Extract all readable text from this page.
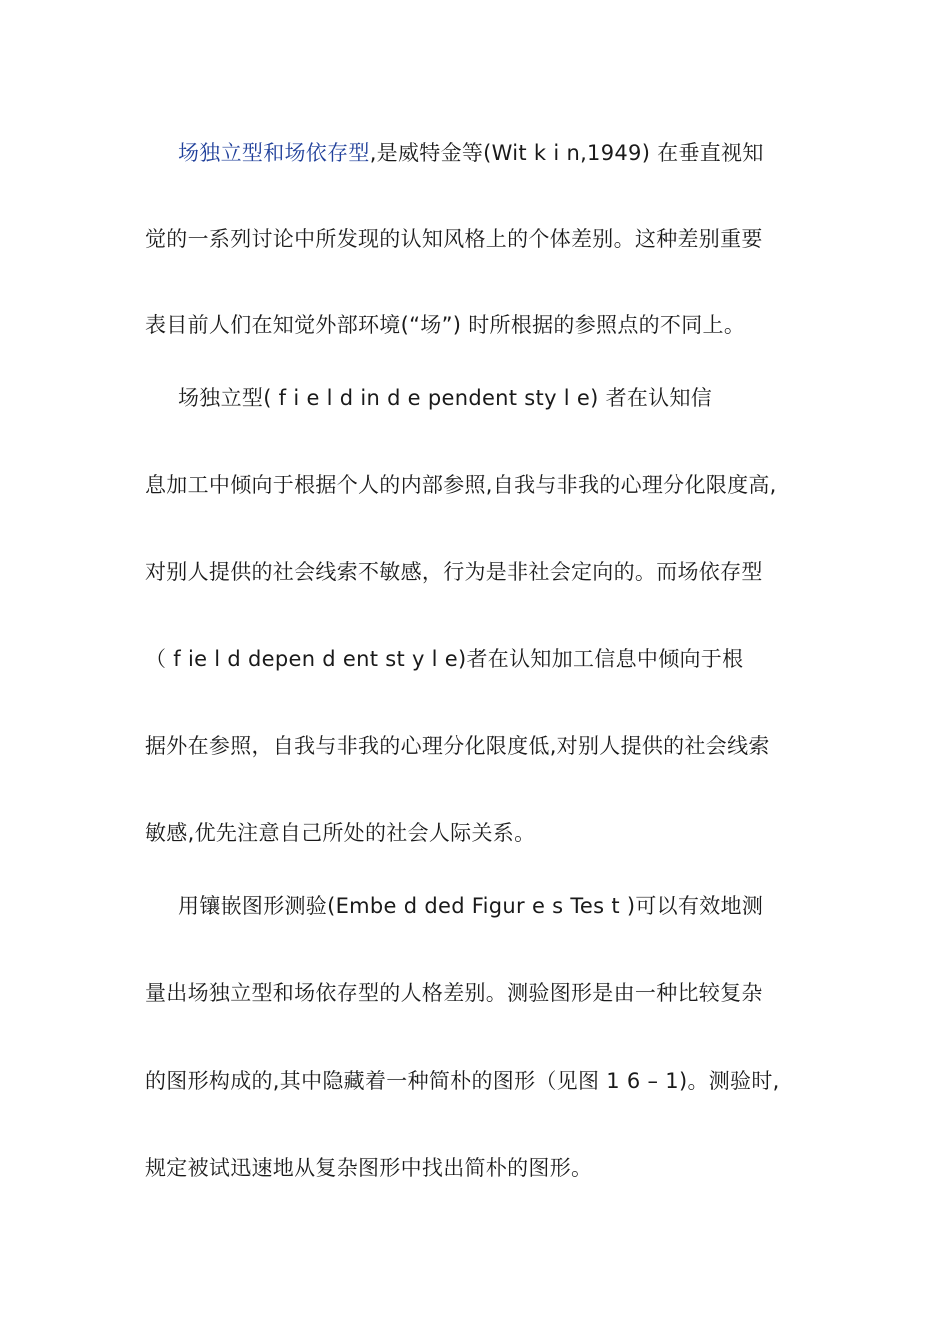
场独立型和场依存型,是威特金等(Wit k i n,1949) 在垂直视知
觉的一系列讨论中所发现的认知风格上的个体差别。这种差别重要
表目前人们在知觉外部环境(“场”) 时所根据的参照点的不同上。
场独立型( f i e l d in d e pendent sty l e) 者在认知信
息加工中倾向于根据个人的内部参照,自我与非我的心理分化限度高,
对别人提供的社会线索不敏感，行为是非社会定向的。而场依存型
（ f ie l d depen d ent st y l e)者在认知加工信息中倾向于根
据外在参照，自我与非我的心理分化限度低,对别人提供的社会线索
敏感,优先注意自己所处的社会人际关系。
用镶嵌图形测验(Embe d ded Figur e s Tes t )可以有效地测
量出场独立型和场依存型的人格差别。测验图形是由一种比较复杂
的图形构成的,其中隐藏着一种简朴的图形（见图 1 6 – 1)。测验时,
规定被试迅速地从复杂图形中找出简朴的图形。
